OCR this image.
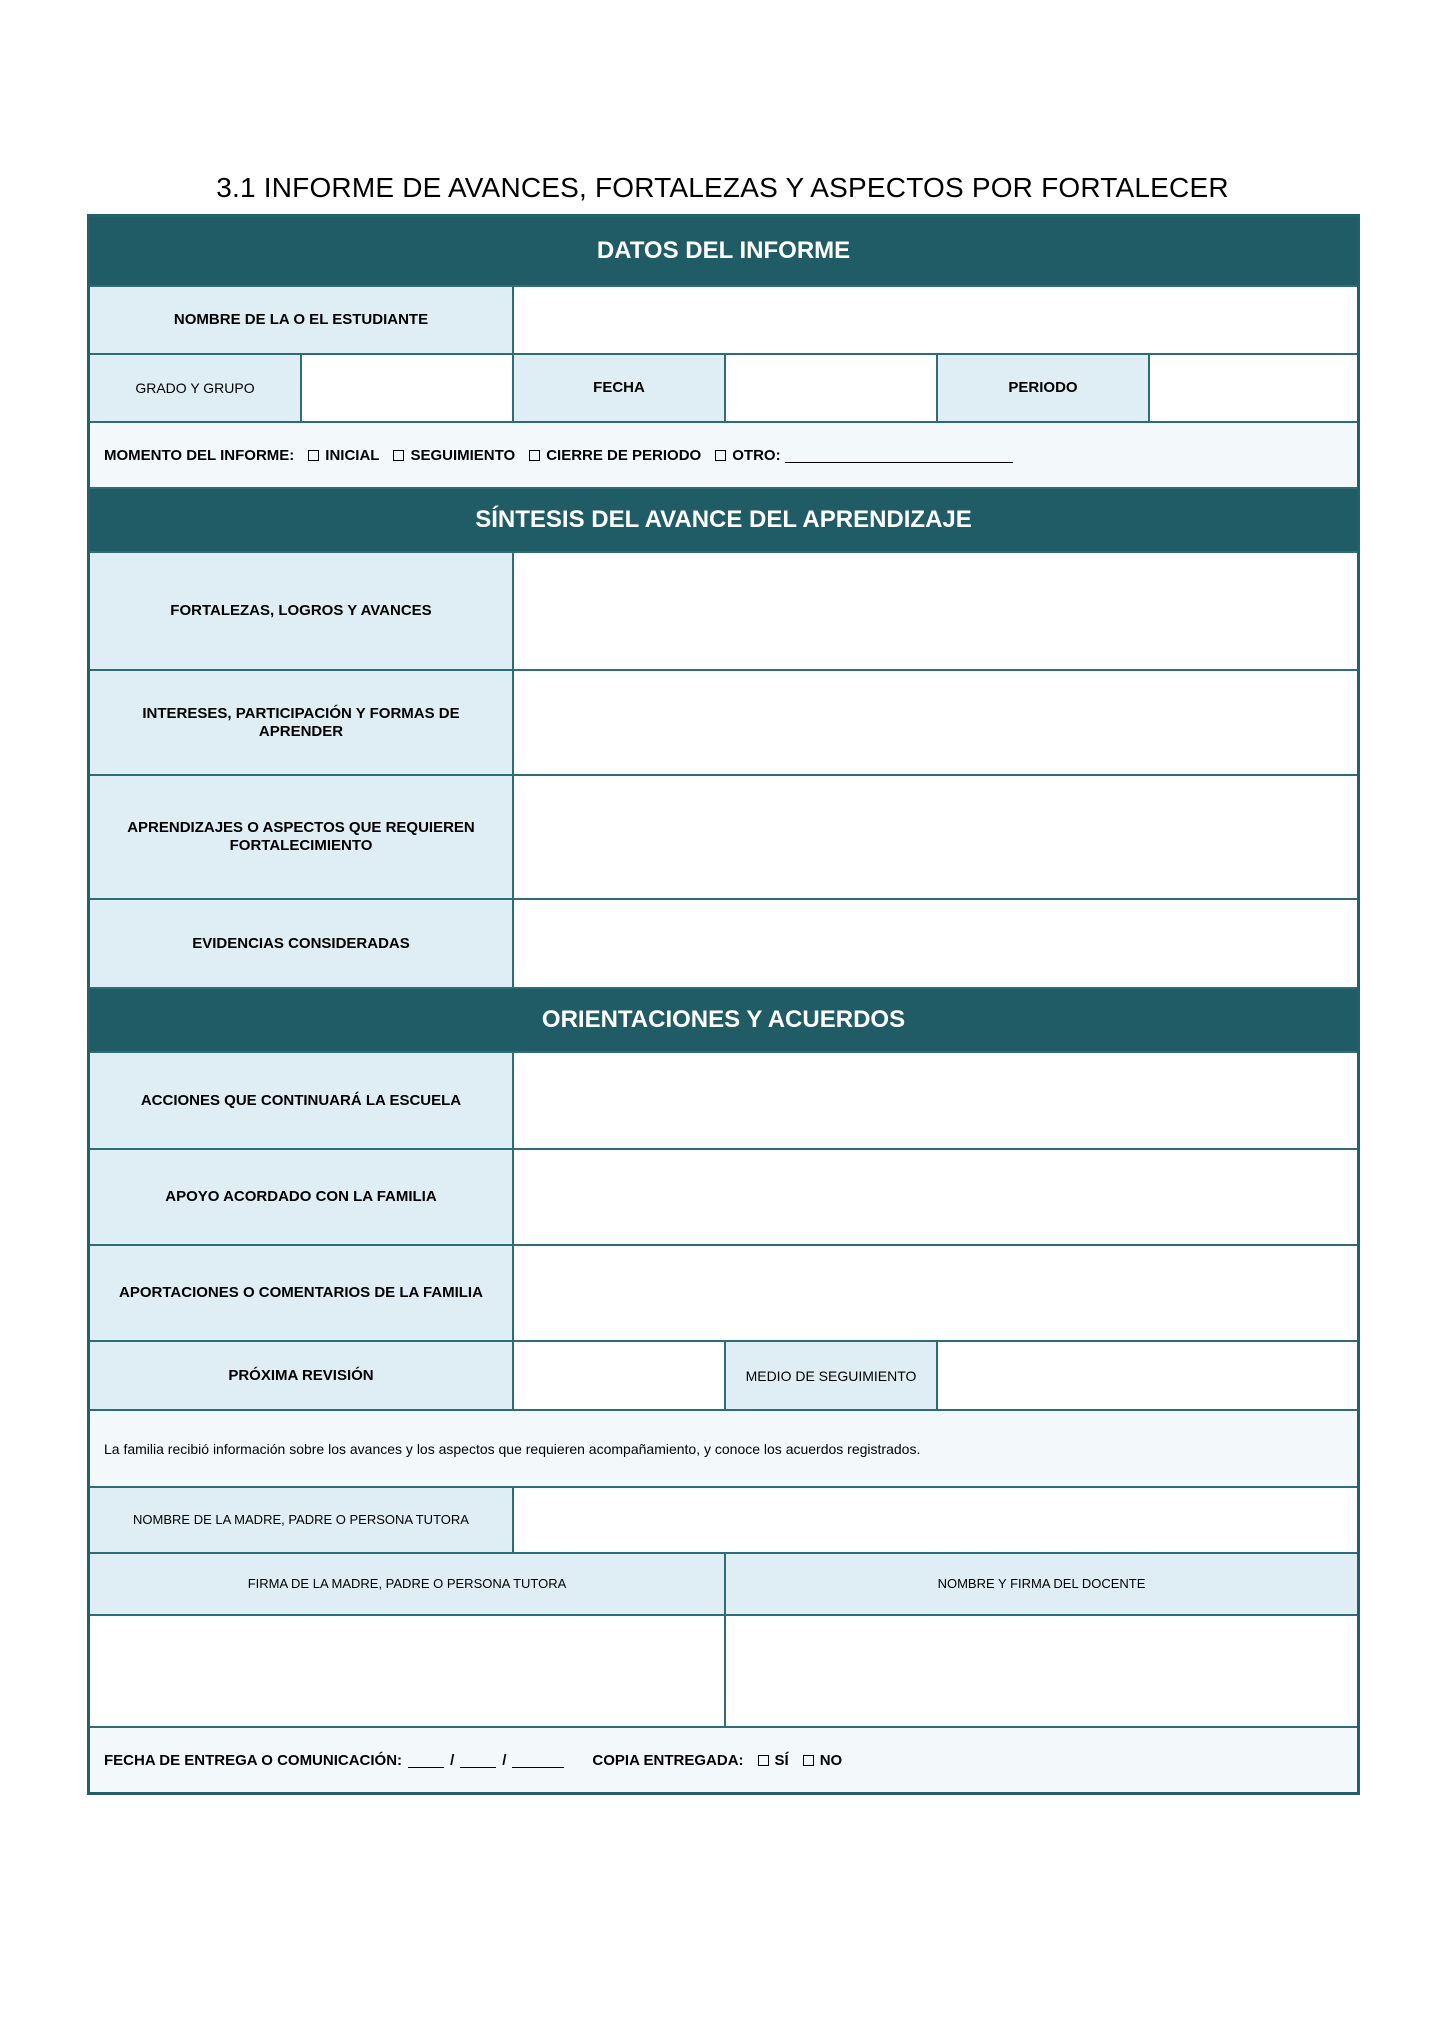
3.1 INFORME DE AVANCES, FORTALEZAS Y ASPECTOS POR FORTALECER
DATOS DEL INFORME
NOMBRE DE LA O EL ESTUDIANTE
GRADO Y GRUPO	FECHA	PERIODO
MOMENTO DEL INFORME: INICIAL SEGUIMIENTO CIERRE DE PERIODO OTRO:
SÍNTESIS DEL AVANCE DEL APRENDIZAJE
FORTALEZAS, LOGROS Y AVANCES
INTERESES, PARTICIPACIÓN Y FORMAS DE APRENDER
APRENDIZAJES O ASPECTOS QUE REQUIEREN FORTALECIMIENTO
EVIDENCIAS CONSIDERADAS
ORIENTACIONES Y ACUERDOS
ACCIONES QUE CONTINUARÁ LA ESCUELA
APOYO ACORDADO CON LA FAMILIA
APORTACIONES O COMENTARIOS DE LA FAMILIA
PRÓXIMA REVISIÓN	MEDIO DE SEGUIMIENTO
La familia recibió información sobre los avances y los aspectos que requieren acompañamiento, y conoce los acuerdos registrados.
NOMBRE DE LA MADRE, PADRE O PERSONA TUTORA
FIRMA DE LA MADRE, PADRE O PERSONA TUTORA	NOMBRE Y FIRMA DEL DOCENTE
FECHA DE ENTREGA O COMUNICACIÓN:	/	/	COPIA ENTREGADA: SÍ NO
